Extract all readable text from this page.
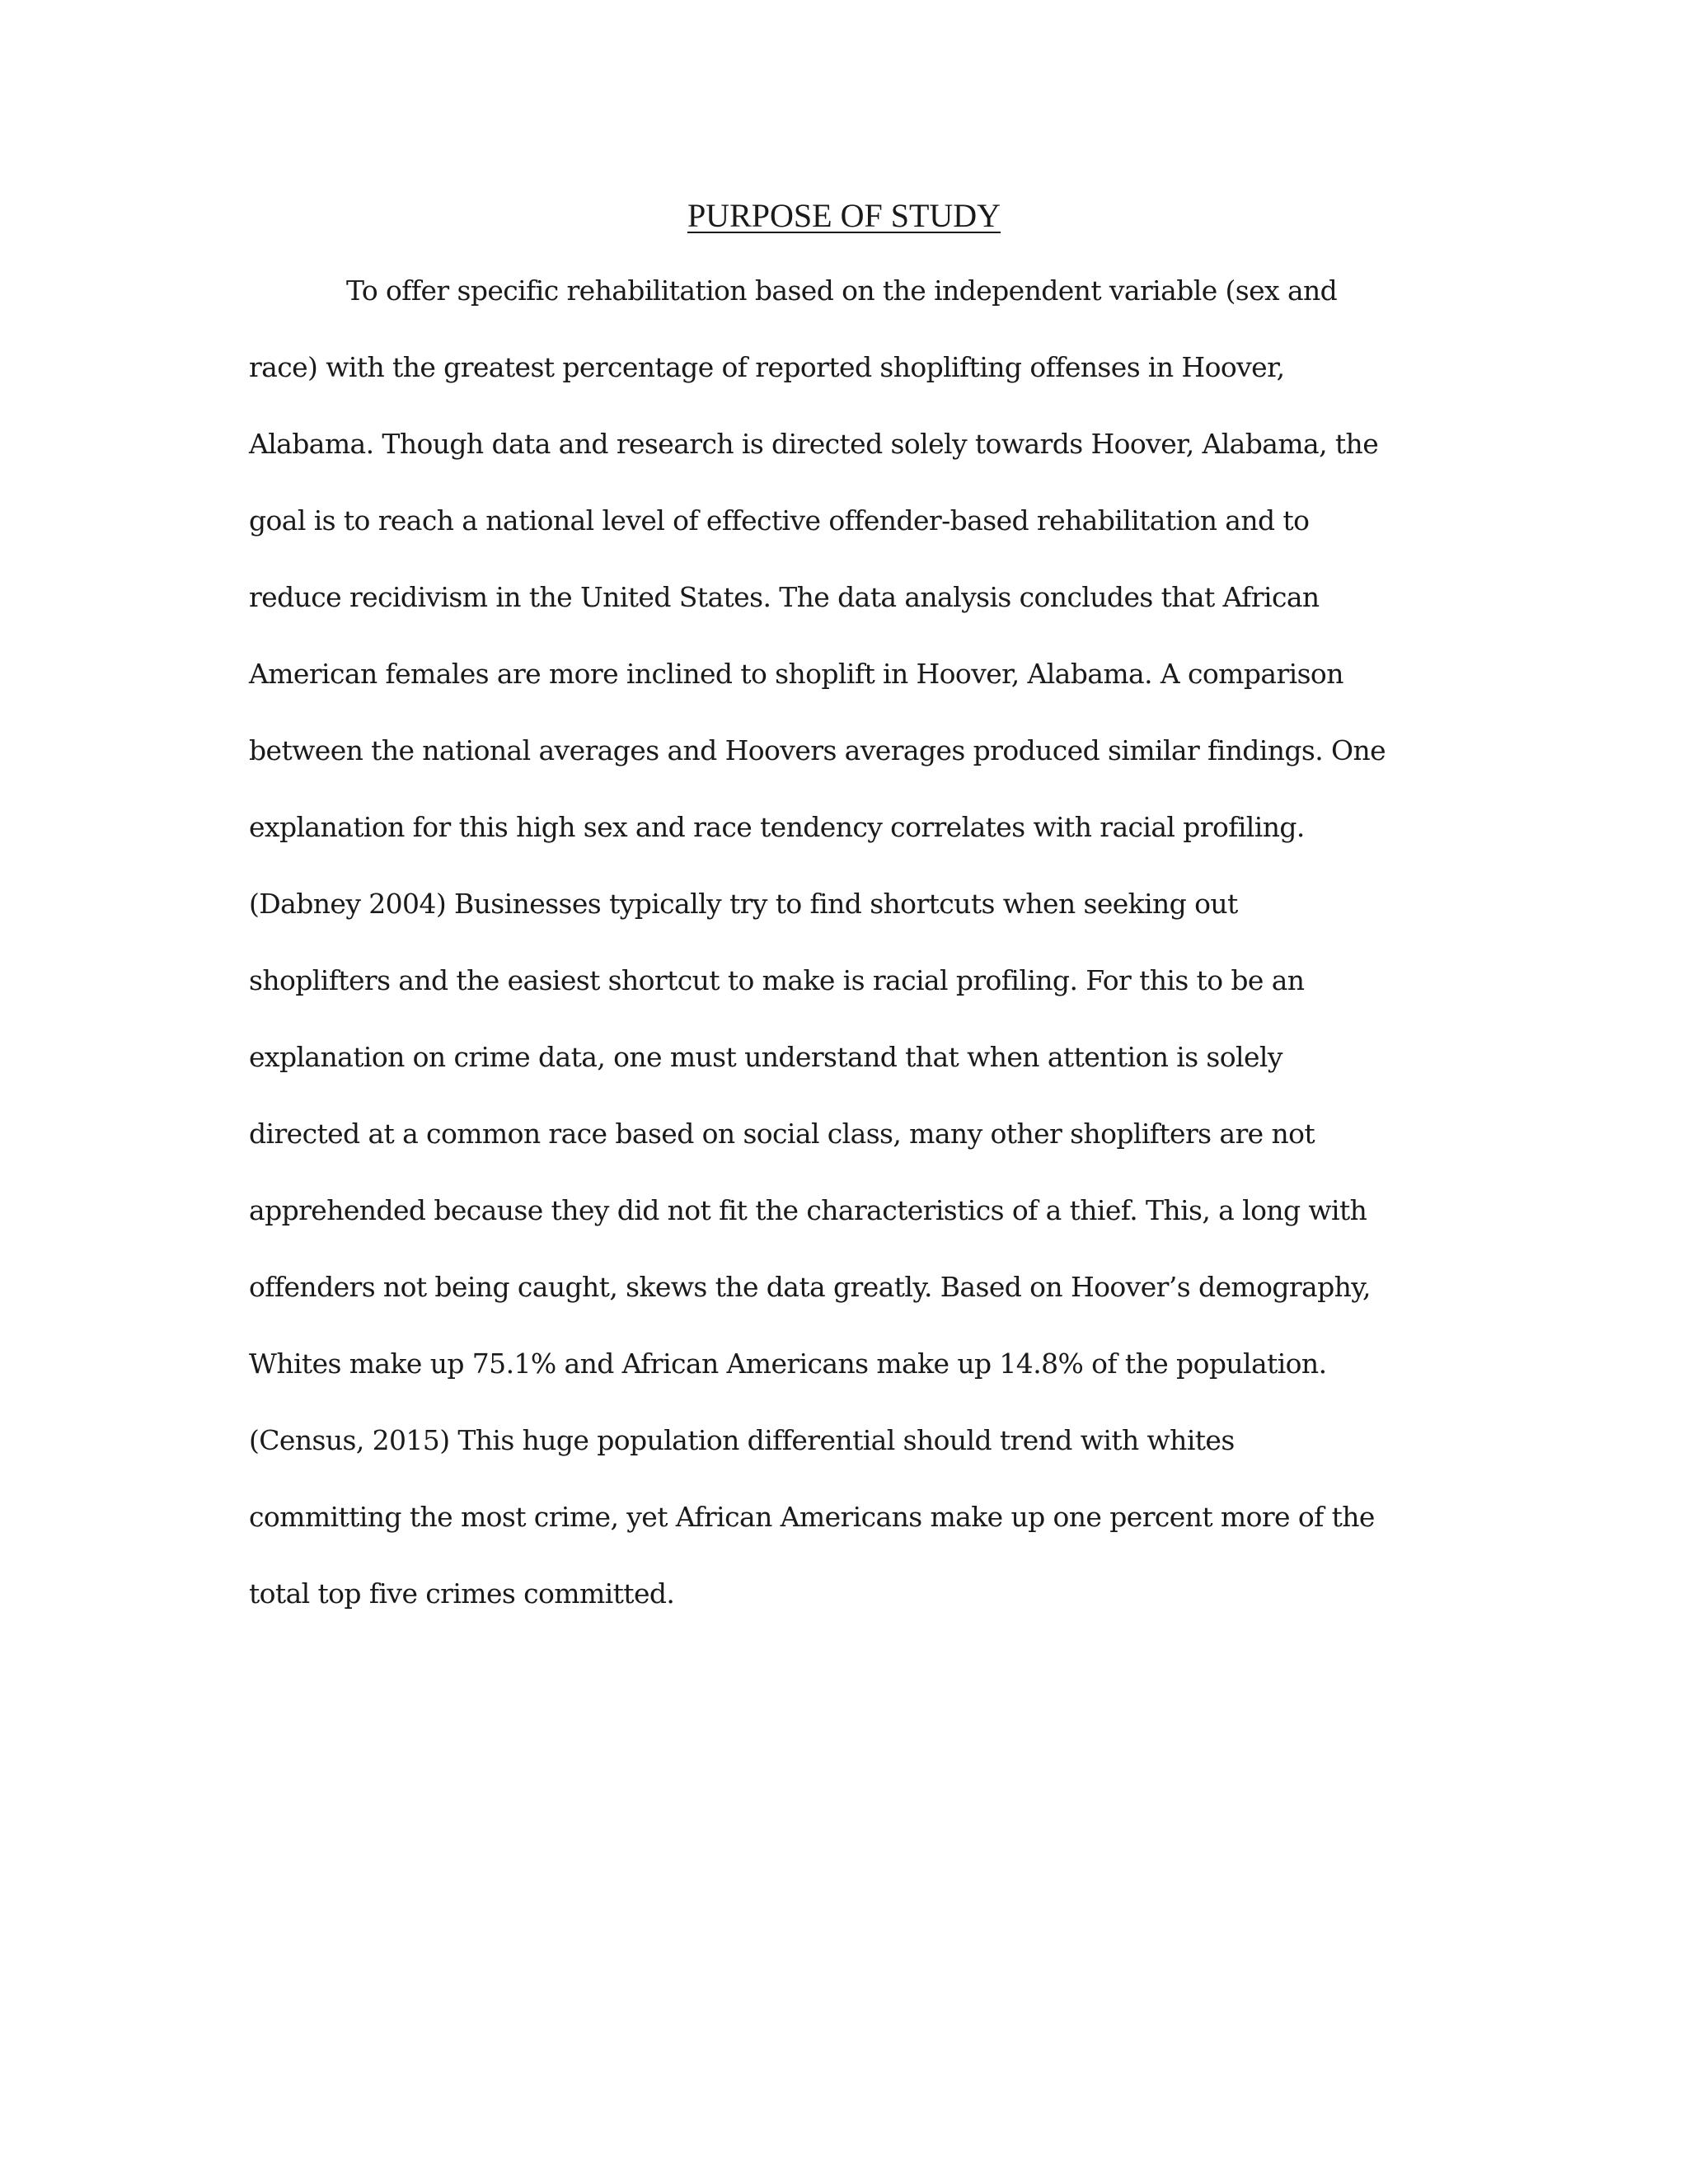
PURPOSE OF STUDY
To offer specific rehabilitation based on the independent variable (sex and
race) with the greatest percentage of reported shoplifting offenses in Hoover,
Alabama. Though data and research is directed solely towards Hoover, Alabama, the
goal is to reach a national level of effective offender-based rehabilitation and to
reduce recidivism in the United States. The data analysis concludes that African
American females are more inclined to shoplift in Hoover, Alabama. A comparison
between the national averages and Hoovers averages produced similar findings. One
explanation for this high sex and race tendency correlates with racial profiling.
(Dabney 2004) Businesses typically try to find shortcuts when seeking out
shoplifters and the easiest shortcut to make is racial profiling. For this to be an
explanation on crime data, one must understand that when attention is solely
directed at a common race based on social class, many other shoplifters are not
apprehended because they did not fit the characteristics of a thief. This, a long with
offenders not being caught, skews the data greatly. Based on Hoover’s demography,
Whites make up 75.1% and African Americans make up 14.8% of the population.
(Census, 2015) This huge population differential should trend with whites
committing the most crime, yet African Americans make up one percent more of the
total top five crimes committed.
